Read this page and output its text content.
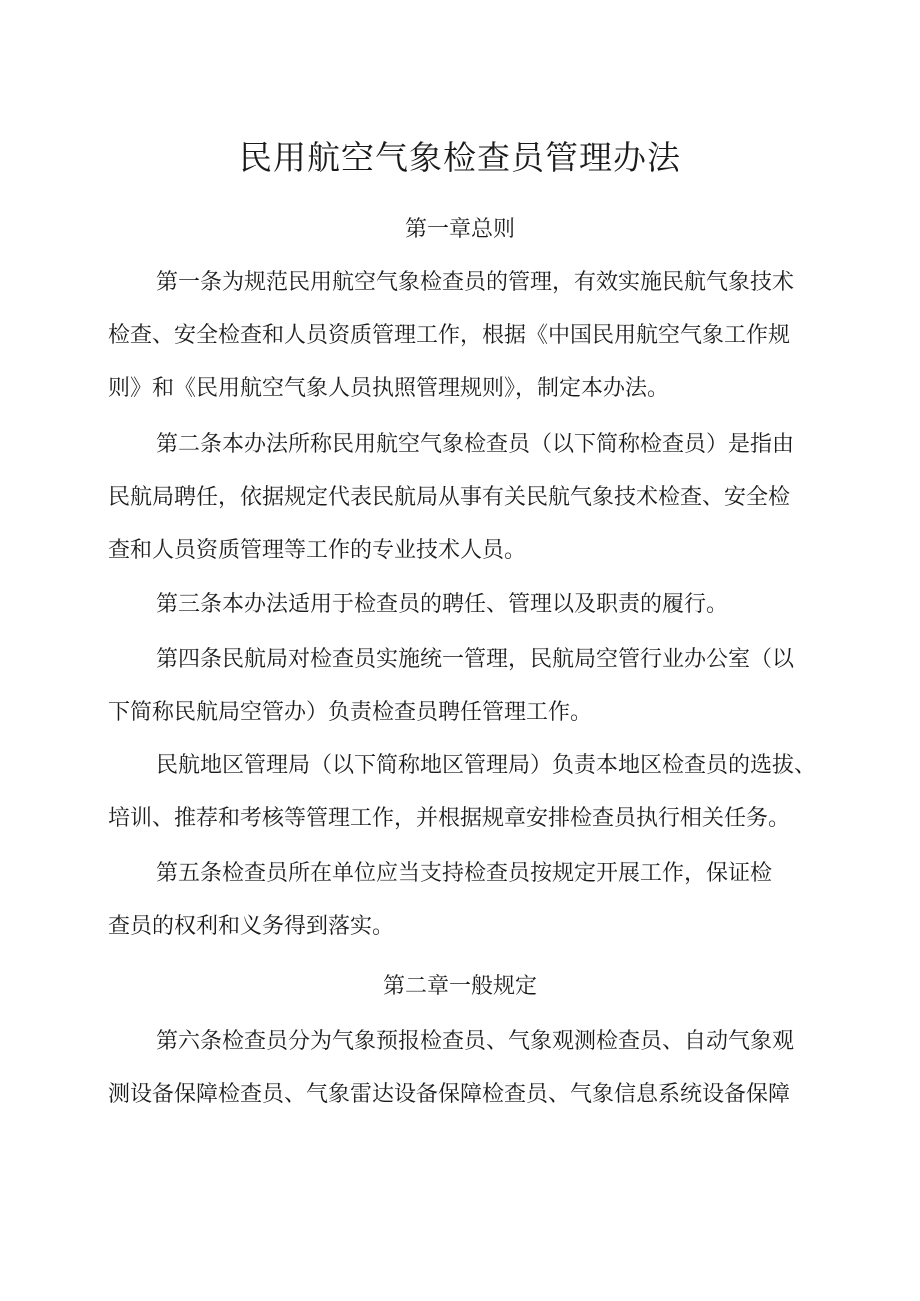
民用航空气象检查员管理办法
第一章总则

第一条为规范民用航空气象检查员的管理，有效实施民航气象技术

检查、安全检查和人员资质管理工作，根据《中国民用航空气象工作规

则》和《民用航空气象人员执照管理规则》，制定本办法。

第二条本办法所称民用航空气象检查员（以下简称检查员）是指由

民航局聘任，依据规定代表民航局从事有关民航气象技术检查、安全检

查和人员资质管理等工作的专业技术人员。

第三条本办法适用于检查员的聘任、管理以及职责的履行。

第四条民航局对检查员实施统一管理，民航局空管行业办公室（以

下简称民航局空管办）负责检查员聘任管理工作。

民航地区管理局（以下简称地区管理局）负责本地区检查员的选拔、

培训、推荐和考核等管理工作，并根据规章安排检查员执行相关任务。

第五条检查员所在单位应当支持检查员按规定开展工作，保证检

查员的权利和义务得到落实。

第二章一般规定

第六条检查员分为气象预报检查员、气象观测检查员、自动气象观

测设备保障检查员、气象雷达设备保障检查员、气象信息系统设备保障
